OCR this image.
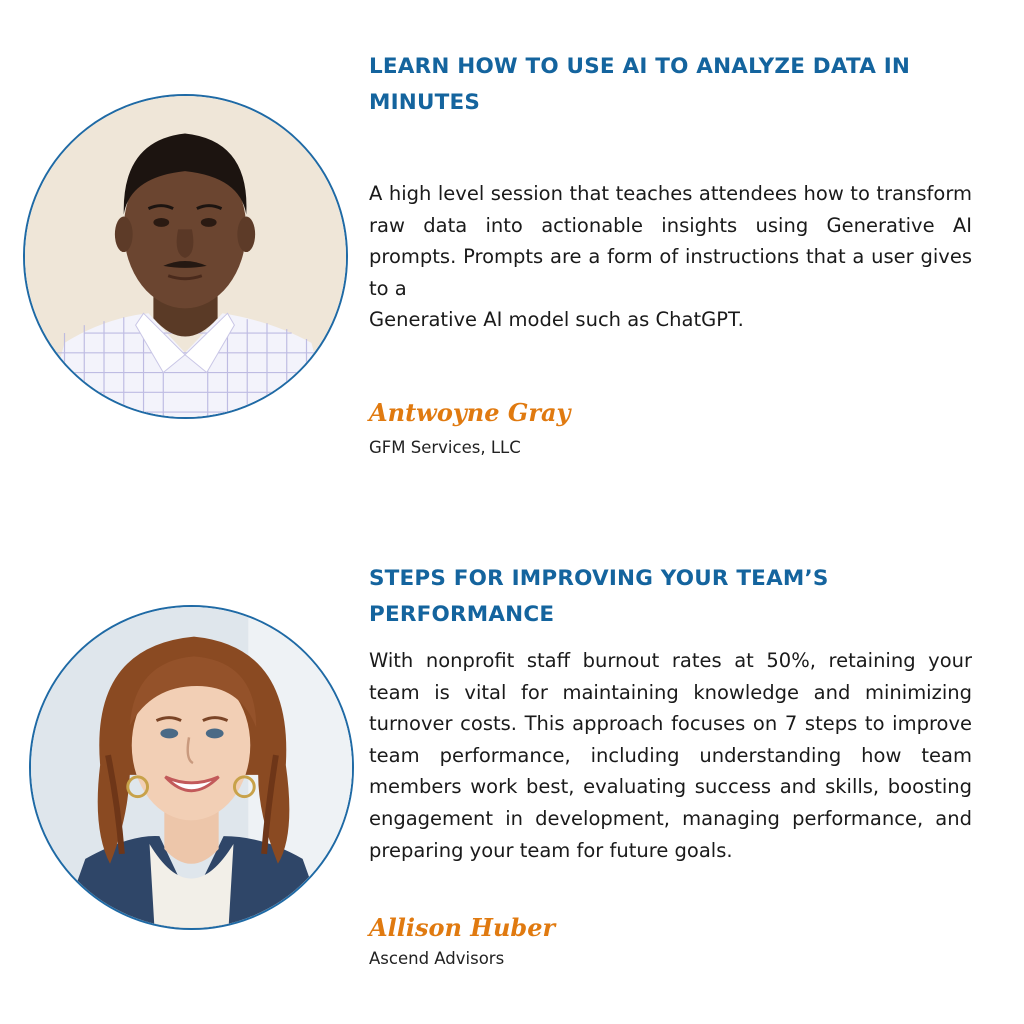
LEARN HOW TO USE AI TO ANALYZE DATA IN MINUTES

A high level session that teaches attendees how to transform raw data into actionable insights using Generative AI prompts. Prompts are a form of instructions that a user gives to a
Generative AI model such as ChatGPT.

Antwoyne Gray

GFM Services, LLC

STEPS FOR IMPROVING YOUR TEAM’S PERFORMANCE

With nonprofit staff burnout rates at 50%, retaining your team is vital for maintaining knowledge and minimizing turnover costs. This approach focuses on 7 steps to improve team performance, including understanding how team members work best, evaluating success and skills, boosting engagement in development, managing performance, and preparing your team for future goals.

Allison Huber

Ascend Advisors
